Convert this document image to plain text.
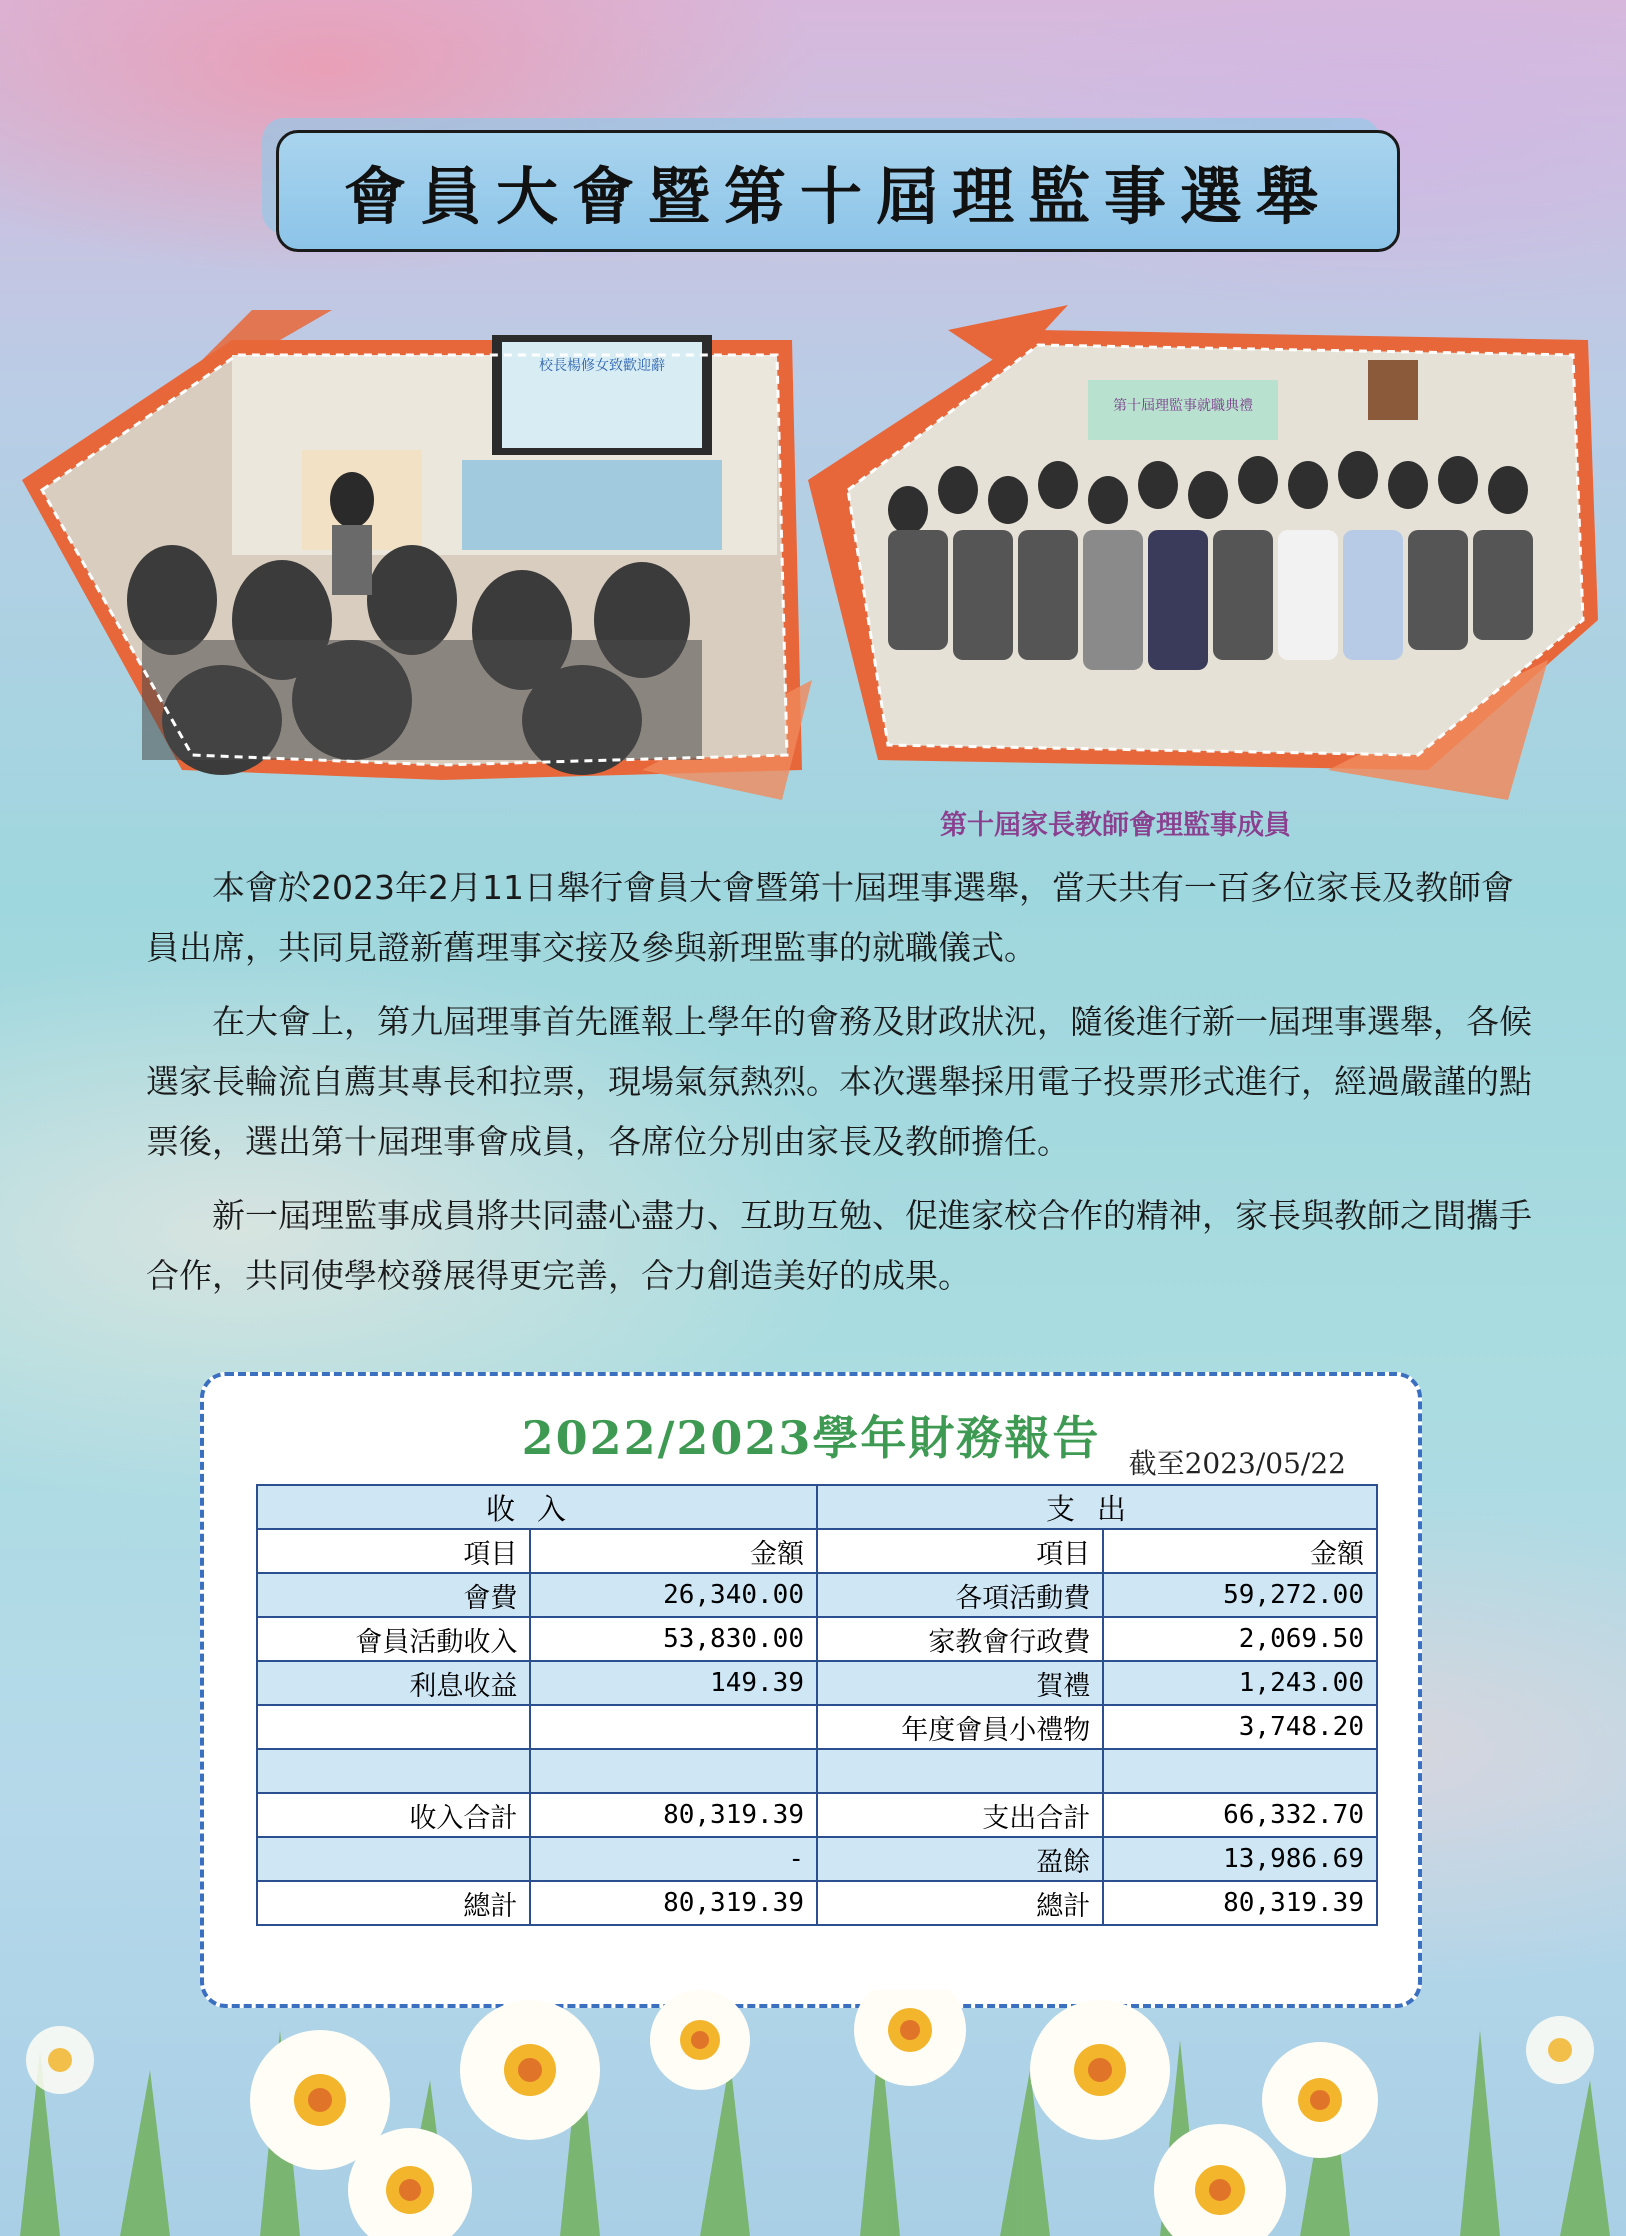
會員大會暨第十屆理監事選舉
校長楊修女致歡迎辭
第十屆理監事就職典禮
第十屆家長教師會理監事成員

本會於2023年2月11日舉行會員大會暨第十屆理事選舉，當天共有一百多位家長及教師會員出席，共同見證新舊理事交接及參與新理監事的就職儀式。

在大會上，第九屆理事首先匯報上學年的會務及財政狀況，隨後進行新一屆理事選舉，各候選家長輪流自薦其專長和拉票，現場氣氛熱烈。本次選舉採用電子投票形式進行，經過嚴謹的點票後，選出第十屆理事會成員，各席位分別由家長及教師擔任。

新一屆理監事成員將共同盡心盡力、互助互勉、促進家校合作的精神，家長與教師之間攜手合作，共同使學校發展得更完善，合力創造美好的成果。

2022/2023學年財務報告	截至2023/05/22
收入		支出	
項目	金額	項目	金額
會費	26,340.00	各項活動費	59,272.00
會員活動收入	53,830.00	家教會行政費	2,069.50
利息收益	149.39	賀禮	1,243.00
		年度會員小禮物	3,748.20

收入合計	80,319.39	支出合計	66,332.70
	-	盈餘	13,986.69
總計	80,319.39	總計	80,319.39
